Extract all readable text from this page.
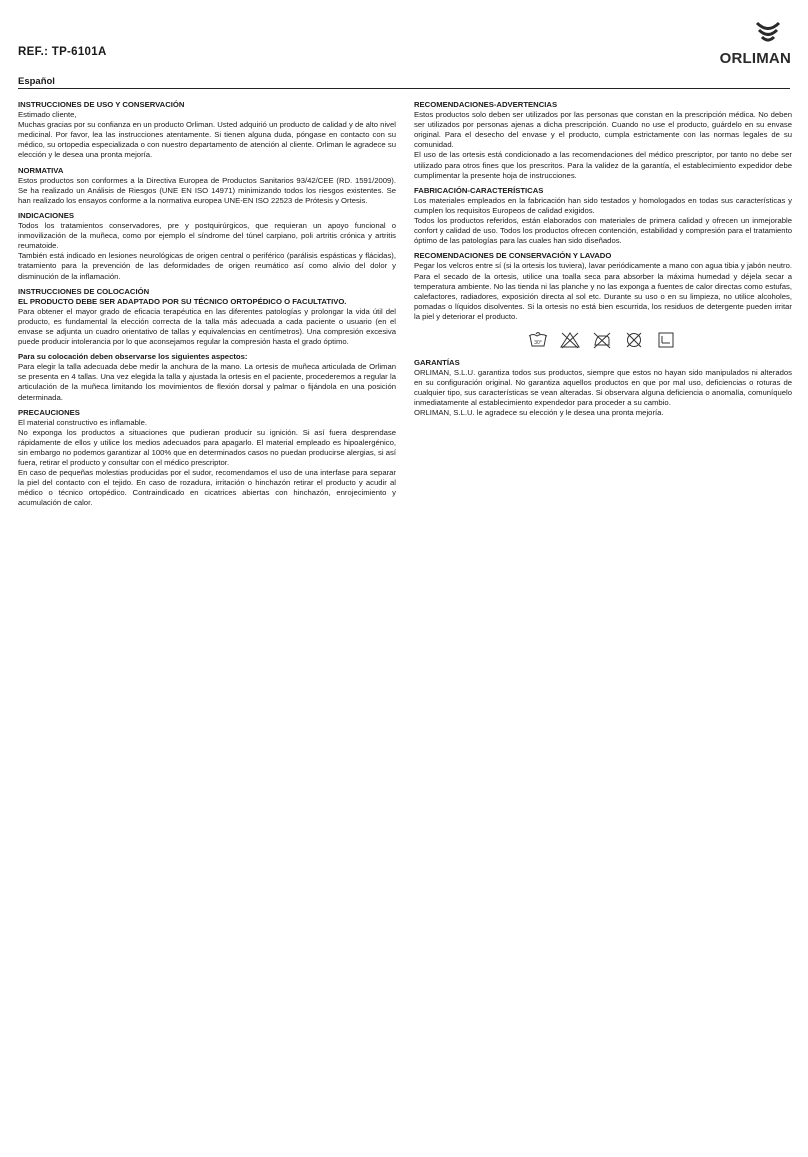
REF.: TP-6101A	ORLIMAN
Español
INSTRUCCIONES DE USO Y CONSERVACIÓN

Estimado cliente,

Muchas gracias por su confianza en un producto Orliman. Usted adquirió un producto de calidad y de alto nivel medicinal. Por favor, lea las instrucciones atentamente. Si tienen alguna duda, póngase en contacto con su médico, su ortopedia especializada o con nuestro departamento de atención al cliente. Orliman le agradece su elección y le desea una pronta mejoría.

NORMATIVA

Estos productos son conformes a la Directiva Europea de Productos Sanitarios 93/42/CEE (RD. 1591/2009). Se ha realizado un Análisis de Riesgos (UNE EN ISO 14971) minimizando todos los riesgos existentes. Se han realizado los ensayos conforme a la normativa europea UNE-EN ISO 22523 de Prótesis y Ortesis.

INDICACIONES

Todos los tratamientos conservadores, pre y postquirúrgicos, que requieran un apoyo funcional o inmovilización de la muñeca, como por ejemplo el síndrome del túnel carpiano, poli artritis crónica y artritis reumatoide.

También está indicado en lesiones neurológicas de origen central o periférico (parálisis espásticas y flácidas), tratamiento para la prevención de las deformidades de origen reumático así como alivio del dolor y disminución de la inflamación.

INSTRUCCIONES DE COLOCACIÓN
EL PRODUCTO DEBE SER ADAPTADO POR SU TÉCNICO ORTOPÉDICO O FACULTATIVO.

Para obtener el mayor grado de eficacia terapéutica en las diferentes patologías y prolongar la vida útil del producto, es fundamental la elección correcta de la talla más adecuada a cada paciente o usuario (en el envase se adjunta un cuadro orientativo de tallas y equivalencias en centímetros). Una compresión excesiva puede producir intolerancia por lo que aconsejamos regular la compresión hasta el grado óptimo.

Para su colocación deben observarse los siguientes aspectos:

Para elegir la talla adecuada debe medir la anchura de la mano. La ortesis de muñeca articulada de Orliman se presenta en 4 tallas. Una vez elegida la talla y ajustada la ortesis en el paciente, procederemos a regular la articulación de la muñeca limitando los movimientos de flexión dorsal y palmar o fijándola en una posición determinada.

PRECAUCIONES

El material constructivo es inflamable.

No exponga los productos a situaciones que pudieran producir su ignición. Si así fuera desprendase rápidamente de ellos y utilice los medios adecuados para apagarlo. El material empleado es hipoalergénico, sin embargo no podemos garantizar al 100% que en determinados casos no puedan producirse alergias, si así fuera, retirar el producto y consultar con el médico prescriptor.

En caso de pequeñas molestias producidas por el sudor, recomendamos el uso de una interfase para separar la piel del contacto con el tejido. En caso de rozadura, irritación o hinchazón retirar el producto y acudir al médico o técnico ortopédico. Contraindicado en cicatrices abiertas con hinchazón, enrojecimiento y acumulación de calor.

RECOMENDACIONES-ADVERTENCIAS

Estos productos solo deben ser utilizados por las personas que constan en la prescripción médica. No deben ser utilizados por personas ajenas a dicha prescripción. Cuando no use el producto, guárdelo en su envase original. Para el desecho del envase y el producto, cumpla estrictamente con las normas legales de su comunidad.

El uso de las ortesis está condicionado a las recomendaciones del médico prescriptor, por tanto no debe ser utilizado para otros fines que los prescritos. Para la validez de la garantía, el establecimiento expedidor debe cumplimentar la presente hoja de instrucciones.

FABRICACIÓN-CARACTERÍSTICAS

Los materiales empleados en la fabricación han sido testados y homologados en todas sus características y cumplen los requisitos Europeos de calidad exigidos.

Todos los productos referidos, están elaborados con materiales de primera calidad y ofrecen un inmejorable confort y calidad de uso. Todos los productos ofrecen contención, estabilidad y compresión para el tratamiento óptimo de las patologías para las cuales han sido diseñados.

RECOMENDACIONES DE CONSERVACIÓN Y LAVADO

Pegar los velcros entre sí (si la ortesis los tuviera), lavar periódicamente a mano con agua tibia y jabón neutro. Para el secado de la ortesis, utilice una toalla seca para absorber la máxima humedad y déjela secar a temperatura ambiente. No las tienda ni las planche y no las exponga a fuentes de calor directas como estufas, calefactores, radiadores, exposición directa al sol etc. Durante su uso o en su limpieza, no utilice alcoholes, pomadas o líquidos disolventes. Si la ortesis no está bien escurrida, los residuos de detergente pueden irritar la piel y deteriorar el producto.

30°
GARANTÍAS

ORLIMAN, S.L.U. garantiza todos sus productos, siempre que estos no hayan sido manipulados ni alterados en su configuración original. No garantiza aquellos productos en que por mal uso, deficiencias o roturas de cualquier tipo, sus características se vean alteradas. Si observara alguna deficiencia o anomalía, comuníquelo inmediatamente al establecimiento expendedor para proceder a su cambio.

ORLIMAN, S.L.U. le agradece su elección y le desea una pronta mejoría.
